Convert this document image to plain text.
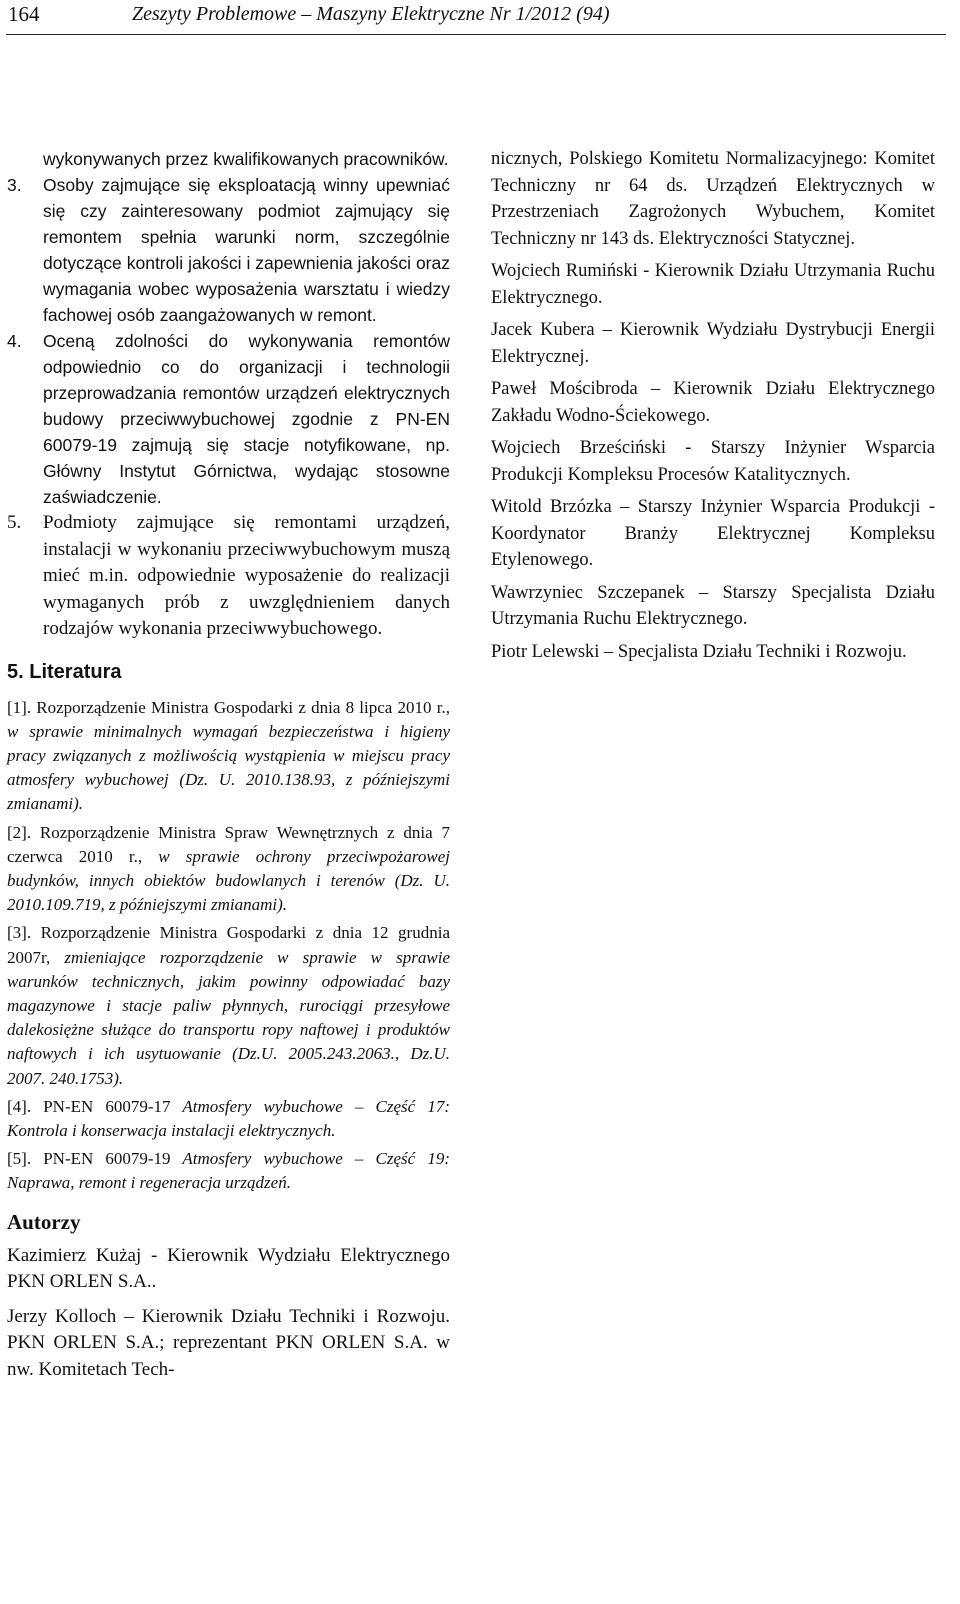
164	Zeszyty Problemowe – Maszyny Elektryczne Nr 1/2012 (94)

wykonywanych przez kwalifikowanych pracowników.

3. Osoby zajmujące się eksploatacją winny upewniać się czy zainteresowany podmiot zajmujący się remontem spełnia warunki norm, szczególnie dotyczące kontroli jakości i zapewnienia jakości oraz wymagania wobec wyposażenia warsztatu i wiedzy fachowej osób zaangażowanych w remont.

4. Oceną zdolności do wykonywania remontów odpowiednio co do organizacji i technologii przeprowadzania remontów urządzeń elektrycznych budowy przeciwwybuchowej zgodnie z PN-EN 60079-19 zajmują się stacje notyfikowane, np. Główny Instytut Górnictwa, wydając stosowne zaświadczenie.

5. Podmioty zajmujące się remontami urządzeń, instalacji w wykonaniu przeciwwybuchowym muszą mieć m.in. odpowiednie wyposażenie do realizacji wymaganych prób z uwzględnieniem danych rodzajów wykonania przeciwwybuchowego.

5. Literatura

[1]. Rozporządzenie Ministra Gospodarki z dnia 8 lipca 2010 r., w sprawie minimalnych wymagań bezpieczeństwa i higieny pracy związanych z możliwością wystąpienia w miejscu pracy atmosfery wybuchowej (Dz. U. 2010.138.93, z późniejszymi zmianami).

[2]. Rozporządzenie Ministra Spraw Wewnętrznych z dnia 7 czerwca 2010 r., w sprawie ochrony przeciwpożarowej budynków, innych obiektów budowlanych i terenów (Dz. U. 2010.109.719, z późniejszymi zmianami).

[3]. Rozporządzenie Ministra Gospodarki z dnia 12 grudnia 2007r, zmieniające rozporządzenie w sprawie w sprawie warunków technicznych, jakim powinny odpowiadać bazy magazynowe i stacje paliw płynnych, rurociągi przesyłowe dalekosiężne służące do transportu ropy naftowej i produktów naftowych i ich usytuowanie (Dz.U. 2005.243.2063., Dz.U. 2007. 240.1753).

[4]. PN-EN 60079-17 Atmosfery wybuchowe – Część 17: Kontrola i konserwacja instalacji elektrycznych.

[5]. PN-EN 60079-19 Atmosfery wybuchowe – Część 19: Naprawa, remont i regeneracja urządzeń.

Autorzy

Kazimierz Kużaj - Kierownik Wydziału Elektrycznego PKN ORLEN S.A..

Jerzy Kolloch – Kierownik Działu Techniki i Rozwoju. PKN ORLEN S.A.; reprezentant PKN ORLEN S.A. w nw. Komitetach Tech-

nicznych, Polskiego Komitetu Normalizacyjnego: Komitet Techniczny nr 64 ds. Urządzeń Elektrycznych w Przestrzeniach Zagrożonych Wybuchem, Komitet Techniczny nr 143 ds. Elektryczności Statycznej.

Wojciech Rumiński - Kierownik Działu Utrzymania Ruchu Elektrycznego.

Jacek Kubera – Kierownik Wydziału Dystrybucji Energii Elektrycznej.

Paweł Mościbroda – Kierownik Działu Elektrycznego Zakładu Wodno-Ściekowego.

Wojciech Brześciński - Starszy Inżynier Wsparcia Produkcji Kompleksu Procesów Katalitycznych.

Witold Brzózka – Starszy Inżynier Wsparcia Produkcji - Koordynator Branży Elektrycznej Kompleksu Etylenowego.

Wawrzyniec Szczepanek – Starszy Specjalista Działu Utrzymania Ruchu Elektrycznego.

Piotr Lelewski – Specjalista Działu Techniki i Rozwoju.
